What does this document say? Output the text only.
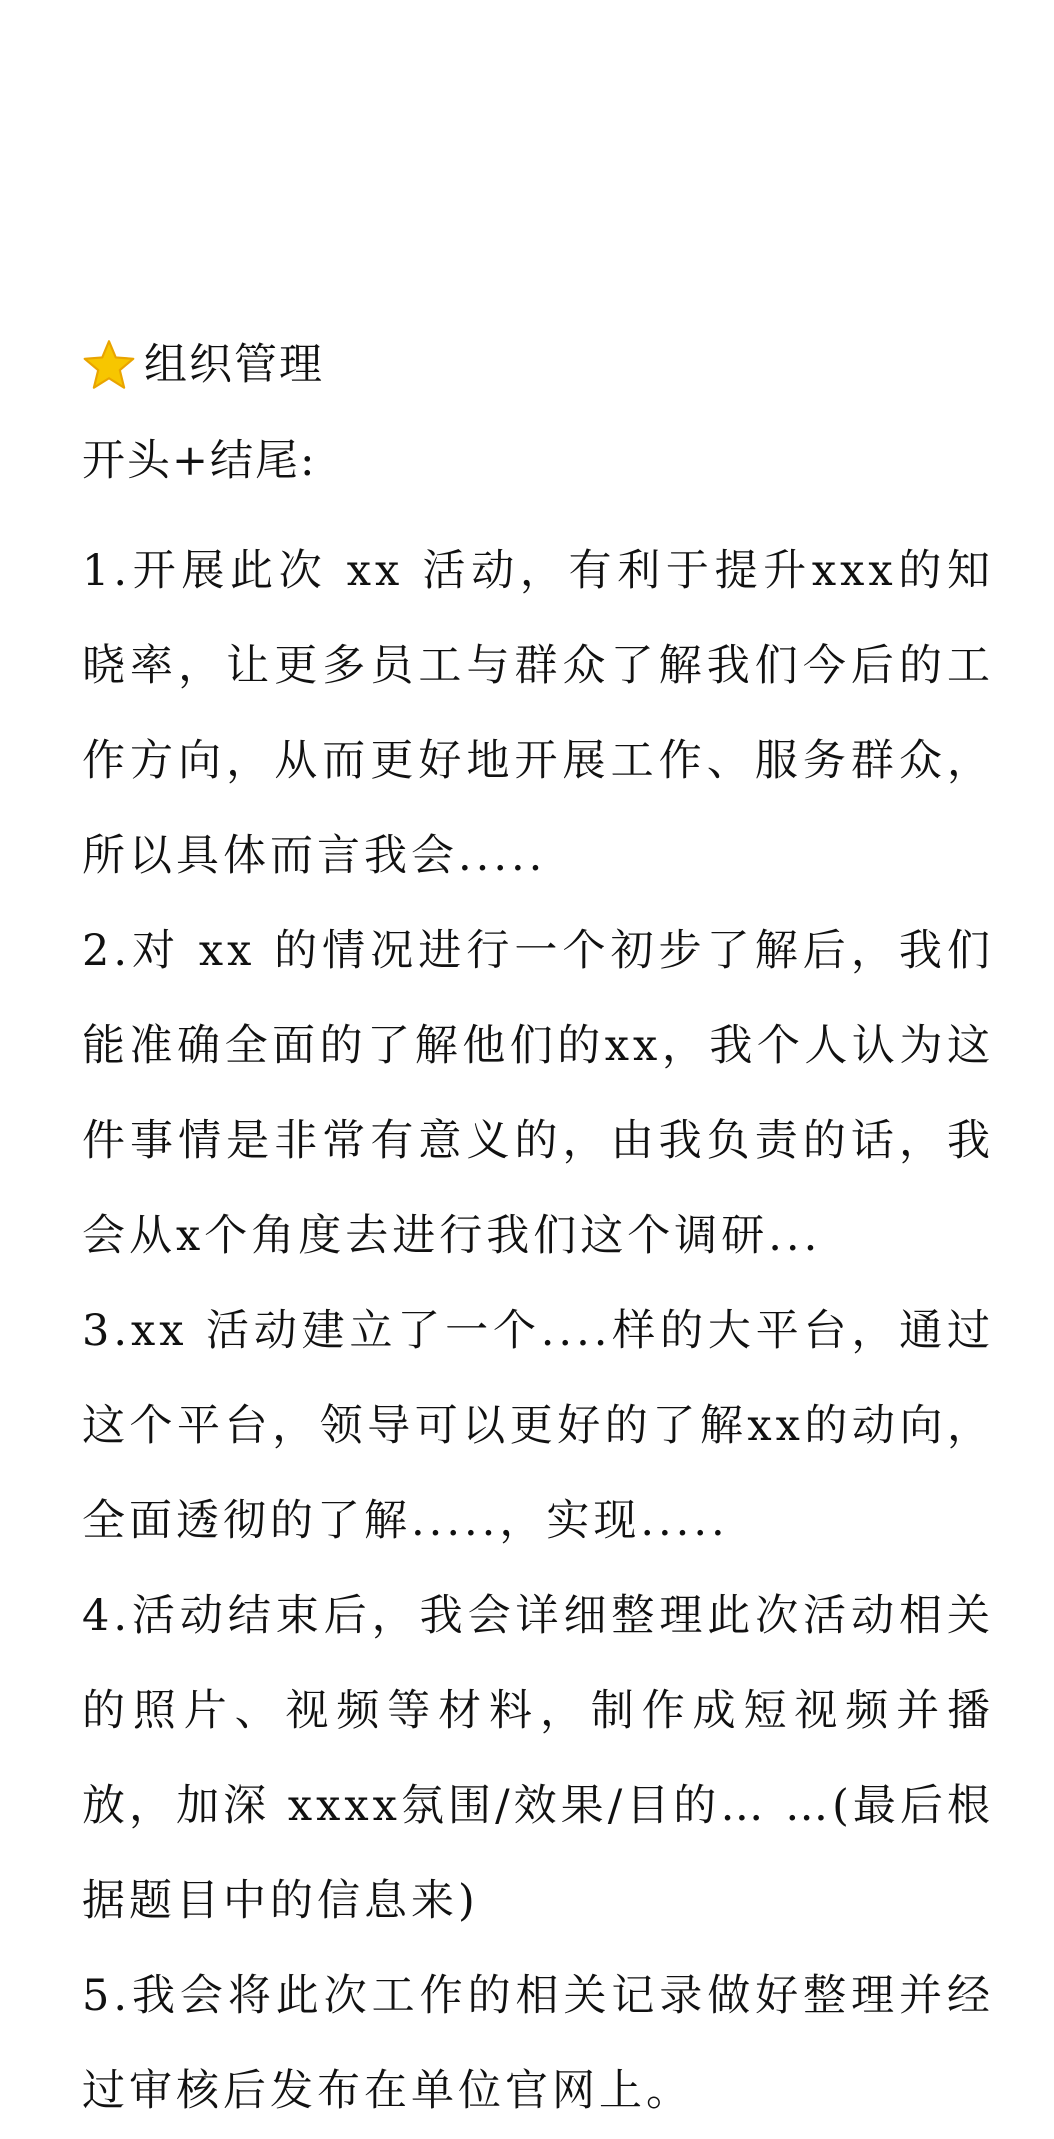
组织管理
开头+结尾:
1.开展此次 xx 活动，有利于提升xxx的知晓率，让更多员工与群众了解我们今后的工作方向，从而更好地开展工作、服务群众，所以具体而言我会.....
2.对 xx 的情况进行一个初步了解后，我们能准确全面的了解他们的xx，我个人认为这件事情是非常有意义的，由我负责的话，我会从x个角度去进行我们这个调研...
3.xx 活动建立了一个....样的大平台，通过这个平台，领导可以更好的了解xx的动向，全面透彻的了解.....，实现.....
4.活动结束后，我会详细整理此次活动相关的照片、视频等材料，制作成短视频并播放，加深 xxxx氛围/效果/目的… …(最后根据题目中的信息来)
5.我会将此次工作的相关记录做好整理并经过审核后发布在单位官网上。
